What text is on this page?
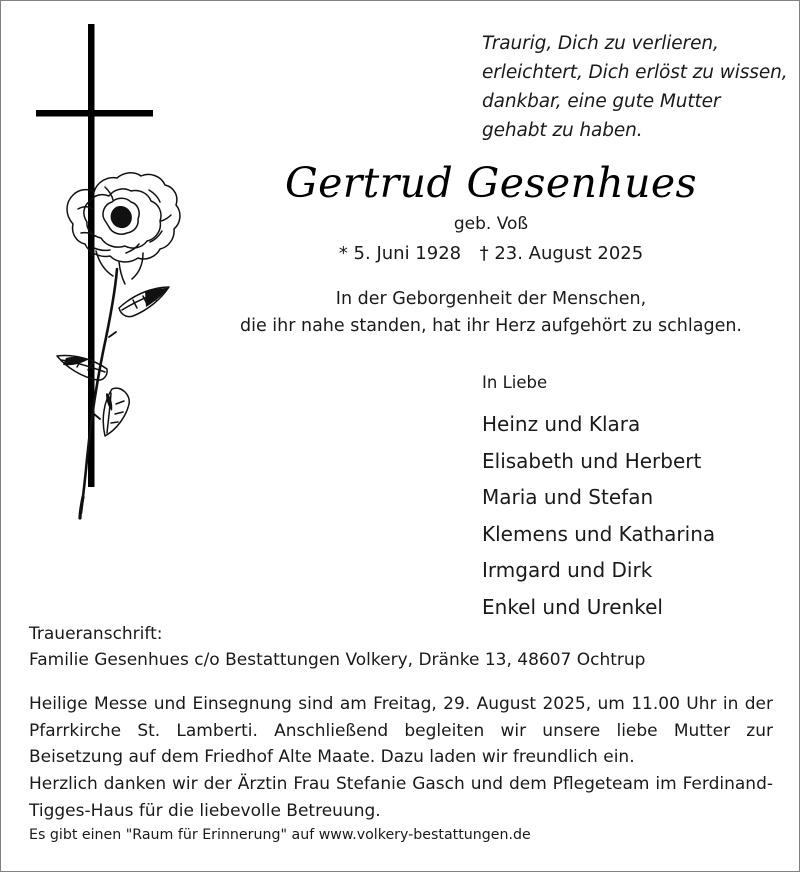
Traurig, Dich zu verlieren,
erleichtert, Dich erlöst zu wissen,
dankbar, eine gute Mutter
gehabt zu haben.
Gertrud Gesenhues
geb. Voß
* 5. Juni 1928 † 23. August 2025
In der Geborgenheit der Menschen,
die ihr nahe standen, hat ihr Herz aufgehört zu schlagen.
In Liebe
Heinz und Klara
Elisabeth und Herbert
Maria und Stefan
Klemens und Katharina
Irmgard und Dirk
Enkel und Urenkel
Traueranschrift:
Familie Gesenhues c/o Bestattungen Volkery, Dränke 13, 48607 Ochtrup
Heilige Messe und Einsegnung sind am Freitag, 29. August 2025, um 11.00 Uhr in der Pfarrkirche St. Lamberti. Anschließend begleiten wir unsere liebe Mutter zur Beisetzung auf dem Friedhof Alte Maate. Dazu laden wir freundlich ein.
Herzlich danken wir der Ärztin Frau Stefanie Gasch und dem Pflegeteam im Ferdinand-Tigges-Haus für die liebevolle Betreuung.
Es gibt einen "Raum für Erinnerung" auf www.volkery-bestattungen.de
